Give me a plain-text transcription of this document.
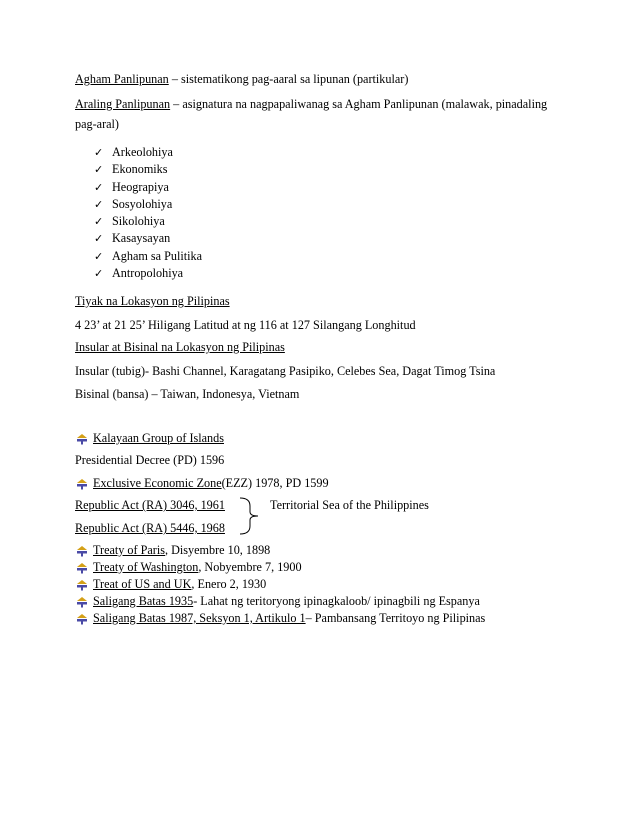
Agham Panlipunan – sistematikong pag-aaral sa lipunan (partikular)
Araling Panlipunan – asignatura na nagpapaliwanag sa Agham Panlipunan (malawak, pinadaling
pag-aral)
✓ Arkeolohiya
✓ Ekonomiks
✓ Heograpiya
✓ Sosyolohiya
✓ Sikolohiya
✓ Kasaysayan
✓ Agham sa Pulitika
✓ Antropolohiya
Tiyak na Lokasyon ng Pilipinas
4 23’ at 21 25’ Hiligang Latitud at ng 116 at 127 Silangang Longhitud
Insular at Bisinal na Lokasyon ng Pilipinas
Insular (tubig)- Bashi Channel, Karagatang Pasipiko, Celebes Sea, Dagat Timog Tsina
Bisinal (bansa) – Taiwan, Indonesya, Vietnam
Kalayaan Group of Islands
Presidential Decree (PD) 1596
Exclusive Economic Zone (EZZ) 1978, PD 1599
Republic Act (RA) 3046, 1961
Republic Act (RA) 5446, 1968
Territorial Sea of the Philippines
Treaty of Paris , Disyembre 10, 1898
Treaty of Washington , Nobyembre 7, 1900
Treat of US and UK , Enero 2, 1930
Saligang Batas 1935 - Lahat ng teritoryong ipinagkaloob/ ipinagbili ng Espanya
Saligang Batas 1987, Seksyon 1, Artikulo 1 – Pambansang Territoyo ng Pilipinas
